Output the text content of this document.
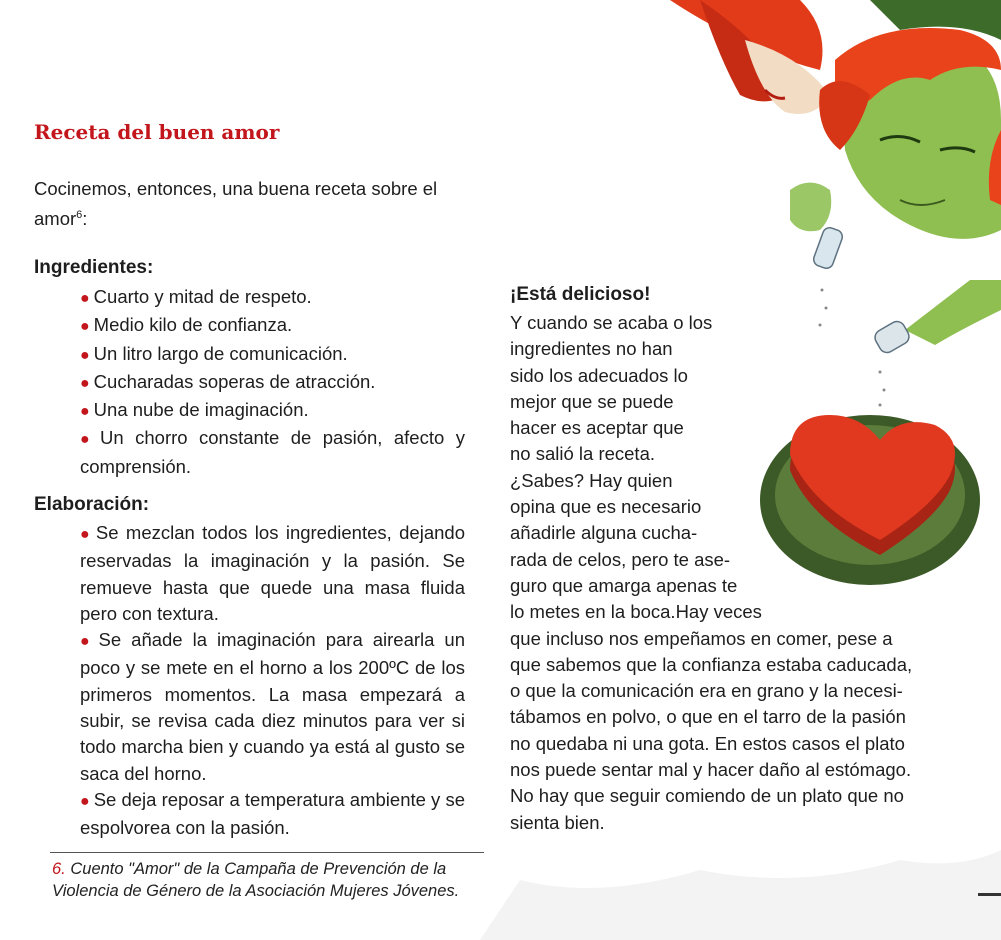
Receta del buen amor

Cocinemos, entonces, una buena receta sobre el amor$^6$:

Ingredientes:

● Cuarto y mitad de respeto.
● Medio kilo de confianza.
● Un litro largo de comunicación.
● Cucharadas soperas de atracción.
● Una nube de imaginación.
● Un chorro constante de pasión, afecto y comprensión.

Elaboración:

● Se mezclan todos los ingredientes, dejando reservadas la imaginación y la pasión. Se remueve hasta que quede una masa fluida pero con textura.
● Se añade la imaginación para airearla un poco y se mete en el horno a los 200ºC de los primeros momentos. La masa empezará a subir, se revisa cada diez minutos para ver si todo marcha bien y cuando ya está al gusto se saca del horno.
● Se deja reposar a temperatura ambiente y se espolvorea con la pasión.

¡Está delicioso!

Y cuando se acaba o los
ingredientes no han
sido los adecuados lo
mejor que se puede
hacer es aceptar que
no salió la receta.
¿Sabes? Hay quien
opina que es necesario
añadirle alguna cucha-
rada de celos, pero te ase-
guro que amarga apenas te
lo metes en la boca.Hay veces
que incluso nos empeñamos en comer, pese a
que sabemos que la confianza estaba caducada,
o que la comunicación era en grano y la necesi-
tábamos en polvo, o que en el tarro de la pasión
no quedaba ni una gota. En estos casos el plato
nos puede sentar mal y hacer daño al estómago.
No hay que seguir comiendo de un plato que no
sienta bien.

6. Cuento "Amor" de la Campaña de Prevención de la Violencia de Género de la Asociación Mujeres Jóvenes.
